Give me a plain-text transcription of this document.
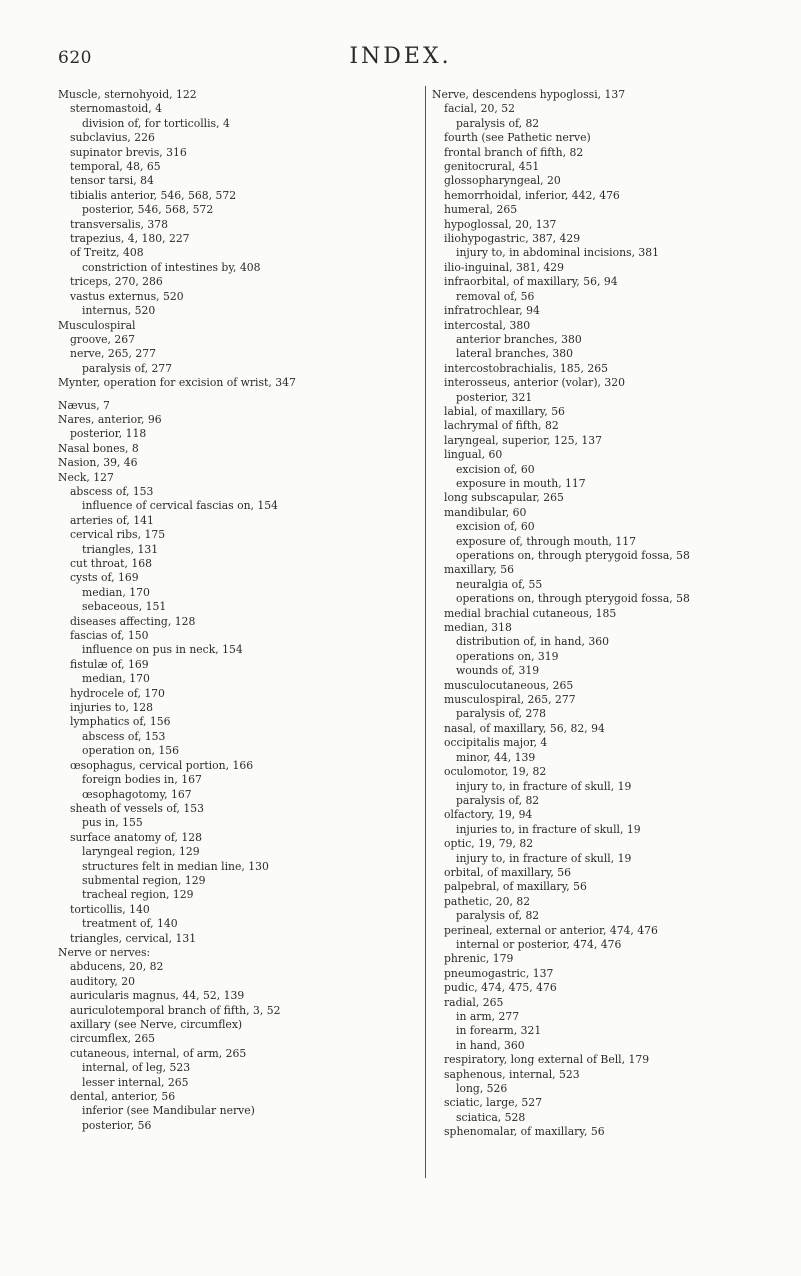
620	INDEX.
Muscle, sternohyoid, 122
sternomastoid, 4
division of, for torticollis, 4
subclavius, 226
supinator brevis, 316
temporal, 48, 65
tensor tarsi, 84
tibialis anterior, 546, 568, 572
posterior, 546, 568, 572
transversalis, 378
trapezius, 4, 180, 227
of Treitz, 408
constriction of intestines by, 408
triceps, 270, 286
vastus externus, 520
internus, 520
Musculospiral
groove, 267
nerve, 265, 277
paralysis of, 277
Mynter, operation for excision of wrist, 347
Nævus, 7
Nares, anterior, 96
posterior, 118
Nasal bones, 8
Nasion, 39, 46
Neck, 127
abscess of, 153
influence of cervical fascias on, 154
arteries of, 141
cervical ribs, 175
triangles, 131
cut throat, 168
cysts of, 169
median, 170
sebaceous, 151
diseases affecting, 128
fascias of, 150
influence on pus in neck, 154
fistulæ of, 169
median, 170
hydrocele of, 170
injuries to, 128
lymphatics of, 156
abscess of, 153
operation on, 156
œsophagus, cervical portion, 166
foreign bodies in, 167
œsophagotomy, 167
sheath of vessels of, 153
pus in, 155
surface anatomy of, 128
laryngeal region, 129
structures felt in median line, 130
submental region, 129
tracheal region, 129
torticollis, 140
treatment of, 140
triangles, cervical, 131
Nerve or nerves:
abducens, 20, 82
auditory, 20
auricularis magnus, 44, 52, 139
auriculotemporal branch of fifth, 3, 52
axillary (see Nerve, circumflex)
circumflex, 265
cutaneous, internal, of arm, 265
internal, of leg, 523
lesser internal, 265
dental, anterior, 56
inferior (see Mandibular nerve)
posterior, 56
Nerve, descendens hypoglossi, 137
facial, 20, 52
paralysis of, 82
fourth (see Pathetic nerve)
frontal branch of fifth, 82
genitocrural, 451
glossopharyngeal, 20
hemorrhoidal, inferior, 442, 476
humeral, 265
hypoglossal, 20, 137
iliohypogastric, 387, 429
injury to, in abdominal incisions, 381
ilio-inguinal, 381, 429
infraorbital, of maxillary, 56, 94
removal of, 56
infratrochlear, 94
intercostal, 380
anterior branches, 380
lateral branches, 380
intercostobrachialis, 185, 265
interosseus, anterior (volar), 320
posterior, 321
labial, of maxillary, 56
lachrymal of fifth, 82
laryngeal, superior, 125, 137
lingual, 60
excision of, 60
exposure in mouth, 117
long subscapular, 265
mandibular, 60
excision of, 60
exposure of, through mouth, 117
operations on, through pterygoid fossa, 58
maxillary, 56
neuralgia of, 55
operations on, through pterygoid fossa, 58
medial brachial cutaneous, 185
median, 318
distribution of, in hand, 360
operations on, 319
wounds of, 319
musculocutaneous, 265
musculospiral, 265, 277
paralysis of, 278
nasal, of maxillary, 56, 82, 94
occipitalis major, 4
minor, 44, 139
oculomotor, 19, 82
injury to, in fracture of skull, 19
paralysis of, 82
olfactory, 19, 94
injuries to, in fracture of skull, 19
optic, 19, 79, 82
injury to, in fracture of skull, 19
orbital, of maxillary, 56
palpebral, of maxillary, 56
pathetic, 20, 82
paralysis of, 82
perineal, external or anterior, 474, 476
internal or posterior, 474, 476
phrenic, 179
pneumogastric, 137
pudic, 474, 475, 476
radial, 265
in arm, 277
in forearm, 321
in hand, 360
respiratory, long external of Bell, 179
saphenous, internal, 523
long, 526
sciatic, large, 527
sciatica, 528
sphenomalar, of maxillary, 56
